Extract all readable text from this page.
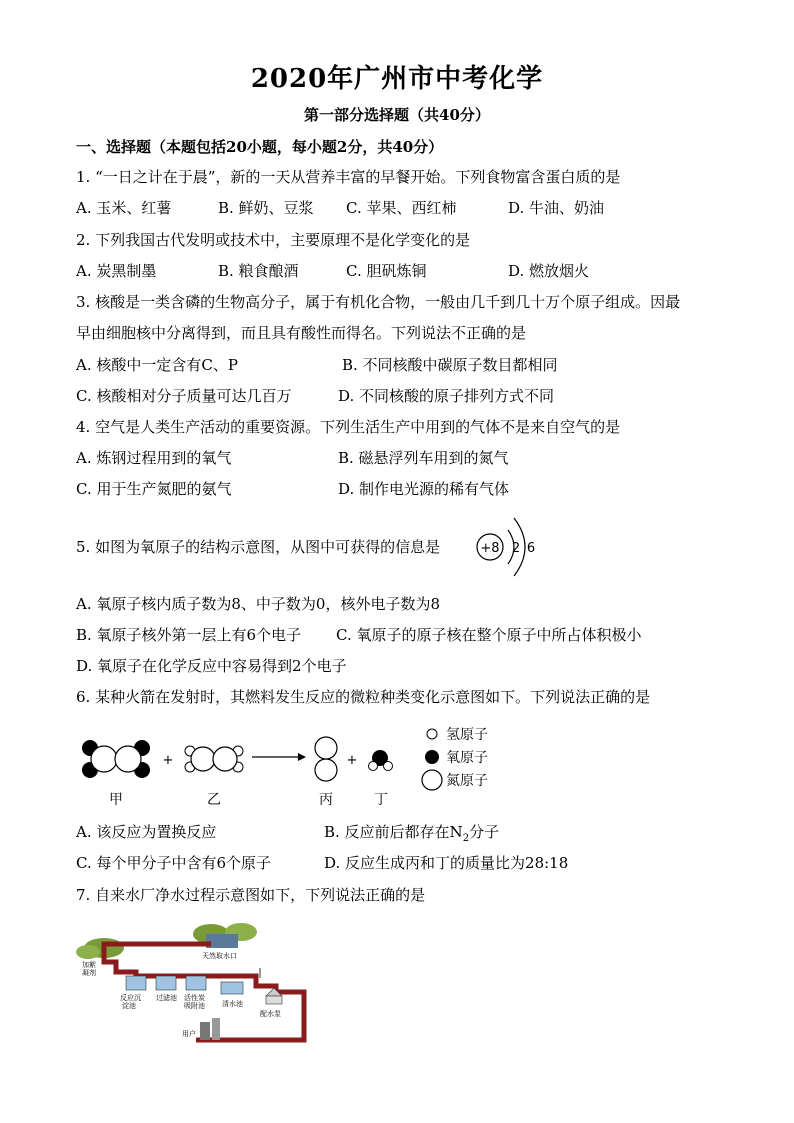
2020年广州市中考化学
第一部分选择题（共40分）
一、选择题（本题包括20小题，每小题2分，共40分）
1. “一日之计在于晨”，新的一天从营养丰富的早餐开始。下列食物富含蛋白质的是
A. 玉米、红薯	B. 鲜奶、豆浆 C. 苹果、西红柿	D. 牛油、奶油
2. 下列我国古代发明或技术中，主要原理不是化学变化的是
A. 炭黑制墨	B. 粮食酿酒	C. 胆矾炼铜	D. 燃放烟火
3. 核酸是一类含磷的生物高分子，属于有机化合物，一般由几千到几十万个原子组成。因最
早由细胞核中分离得到，而且具有酸性而得名。下列说法不正确的是
A. 核酸中一定含有C、P	B. 不同核酸中碳原子数目都相同
C. 核酸相对分子质量可达几百万	D. 不同核酸的原子排列方式不同
4. 空气是人类生产活动的重要资源。下列生活生产中用到的气体不是来自空气的是
A. 炼钢过程用到的氧气	B. 磁悬浮列车用到的氮气
C. 用于生产氮肥的氨气	D. 制作电光源的稀有气体
5. 如图为氧原子的结构示意图，从图中可获得的信息是	+8 2 6
A. 氧原子核内质子数为8、中子数为0，核外电子数为8
B. 氧原子核外第一层上有6个电子 C. 氧原子的原子核在整个原子中所占体积极小
D. 氧原子在化学反应中容易得到2个电子
6. 某种火箭在发射时，其燃料发生反应的微粒种类变化示意图如下。下列说法正确的是
+	+
甲	乙	丙	丁
氢原子
氧原子
氮原子
A. 该反应为置换反应	B. 反应前后都存在$N_2$分子
C. 每个甲分子中含有6个原子	D. 反应生成丙和丁的质量比为28:18
7. 自来水厂净水过程示意图如下，下列说法正确的是
天然取水口
加絮
凝剂
反应沉
淀池
过滤池 活性炭
吸附池 清水池
配水泵
用户
